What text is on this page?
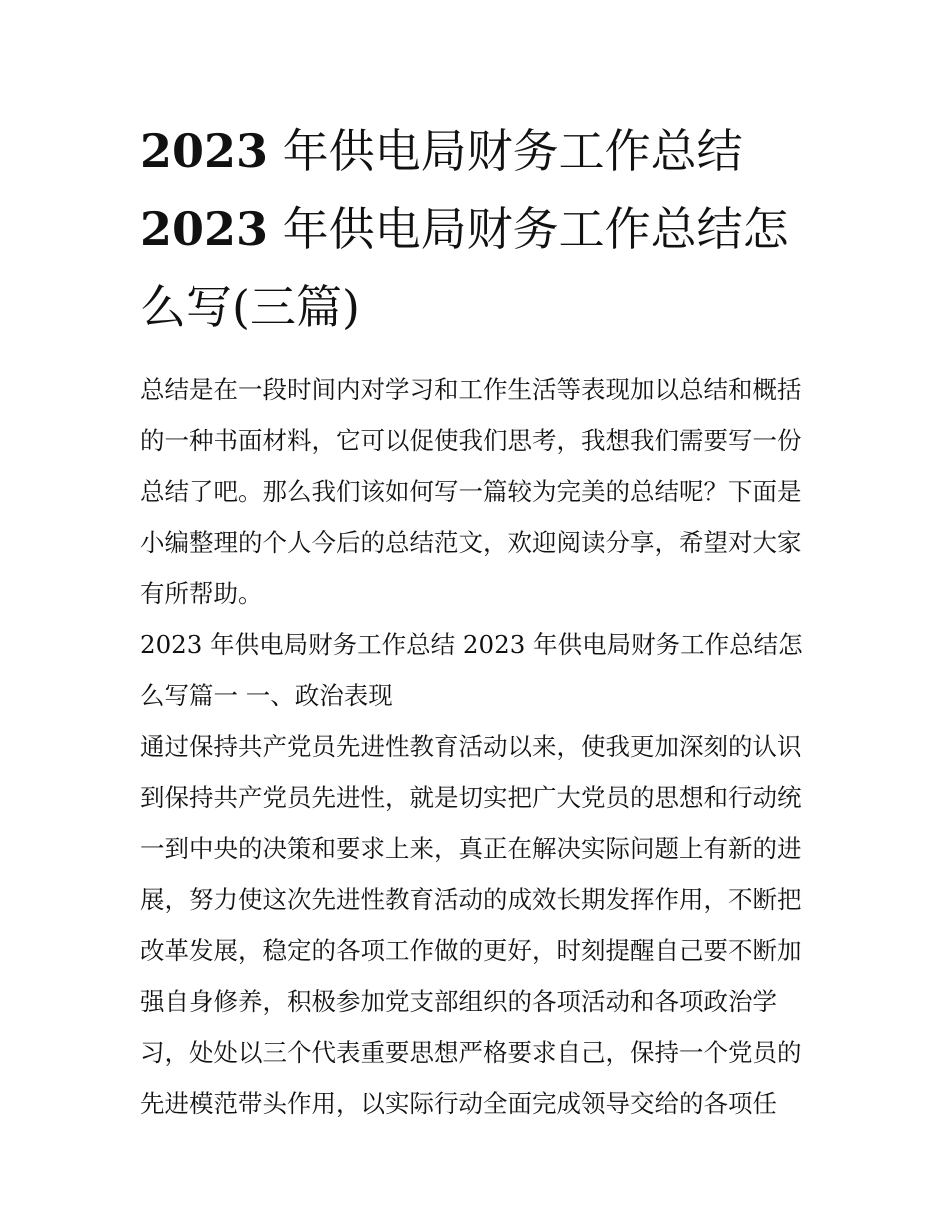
2023 年供电局财务工作总结
2023 年供电局财务工作总结怎么写(三篇)

总结是在一段时间内对学习和工作生活等表现加以总结和概括的一种书面材料，它可以促使我们思考，我想我们需要写一份总结了吧。那么我们该如何写一篇较为完美的总结呢？下面是小编整理的个人今后的总结范文，欢迎阅读分享，希望对大家有所帮助。

2023 年供电局财务工作总结 2023 年供电局财务工作总结怎么写篇一 一、政治表现

通过保持共产党员先进性教育活动以来，使我更加深刻的认识到保持共产党员先进性，就是切实把广大党员的思想和行动统一到中央的决策和要求上来，真正在解决实际问题上有新的进展，努力使这次先进性教育活动的成效长期发挥作用，不断把改革发展，稳定的各项工作做的更好，时刻提醒自己要不断加强自身修养，积极参加党支部组织的各项活动和各项政治学习，处处以三个代表重要思想严格要求自己，保持一个党员的先进模范带头作用，以实际行动全面完成领导交给的各项任
